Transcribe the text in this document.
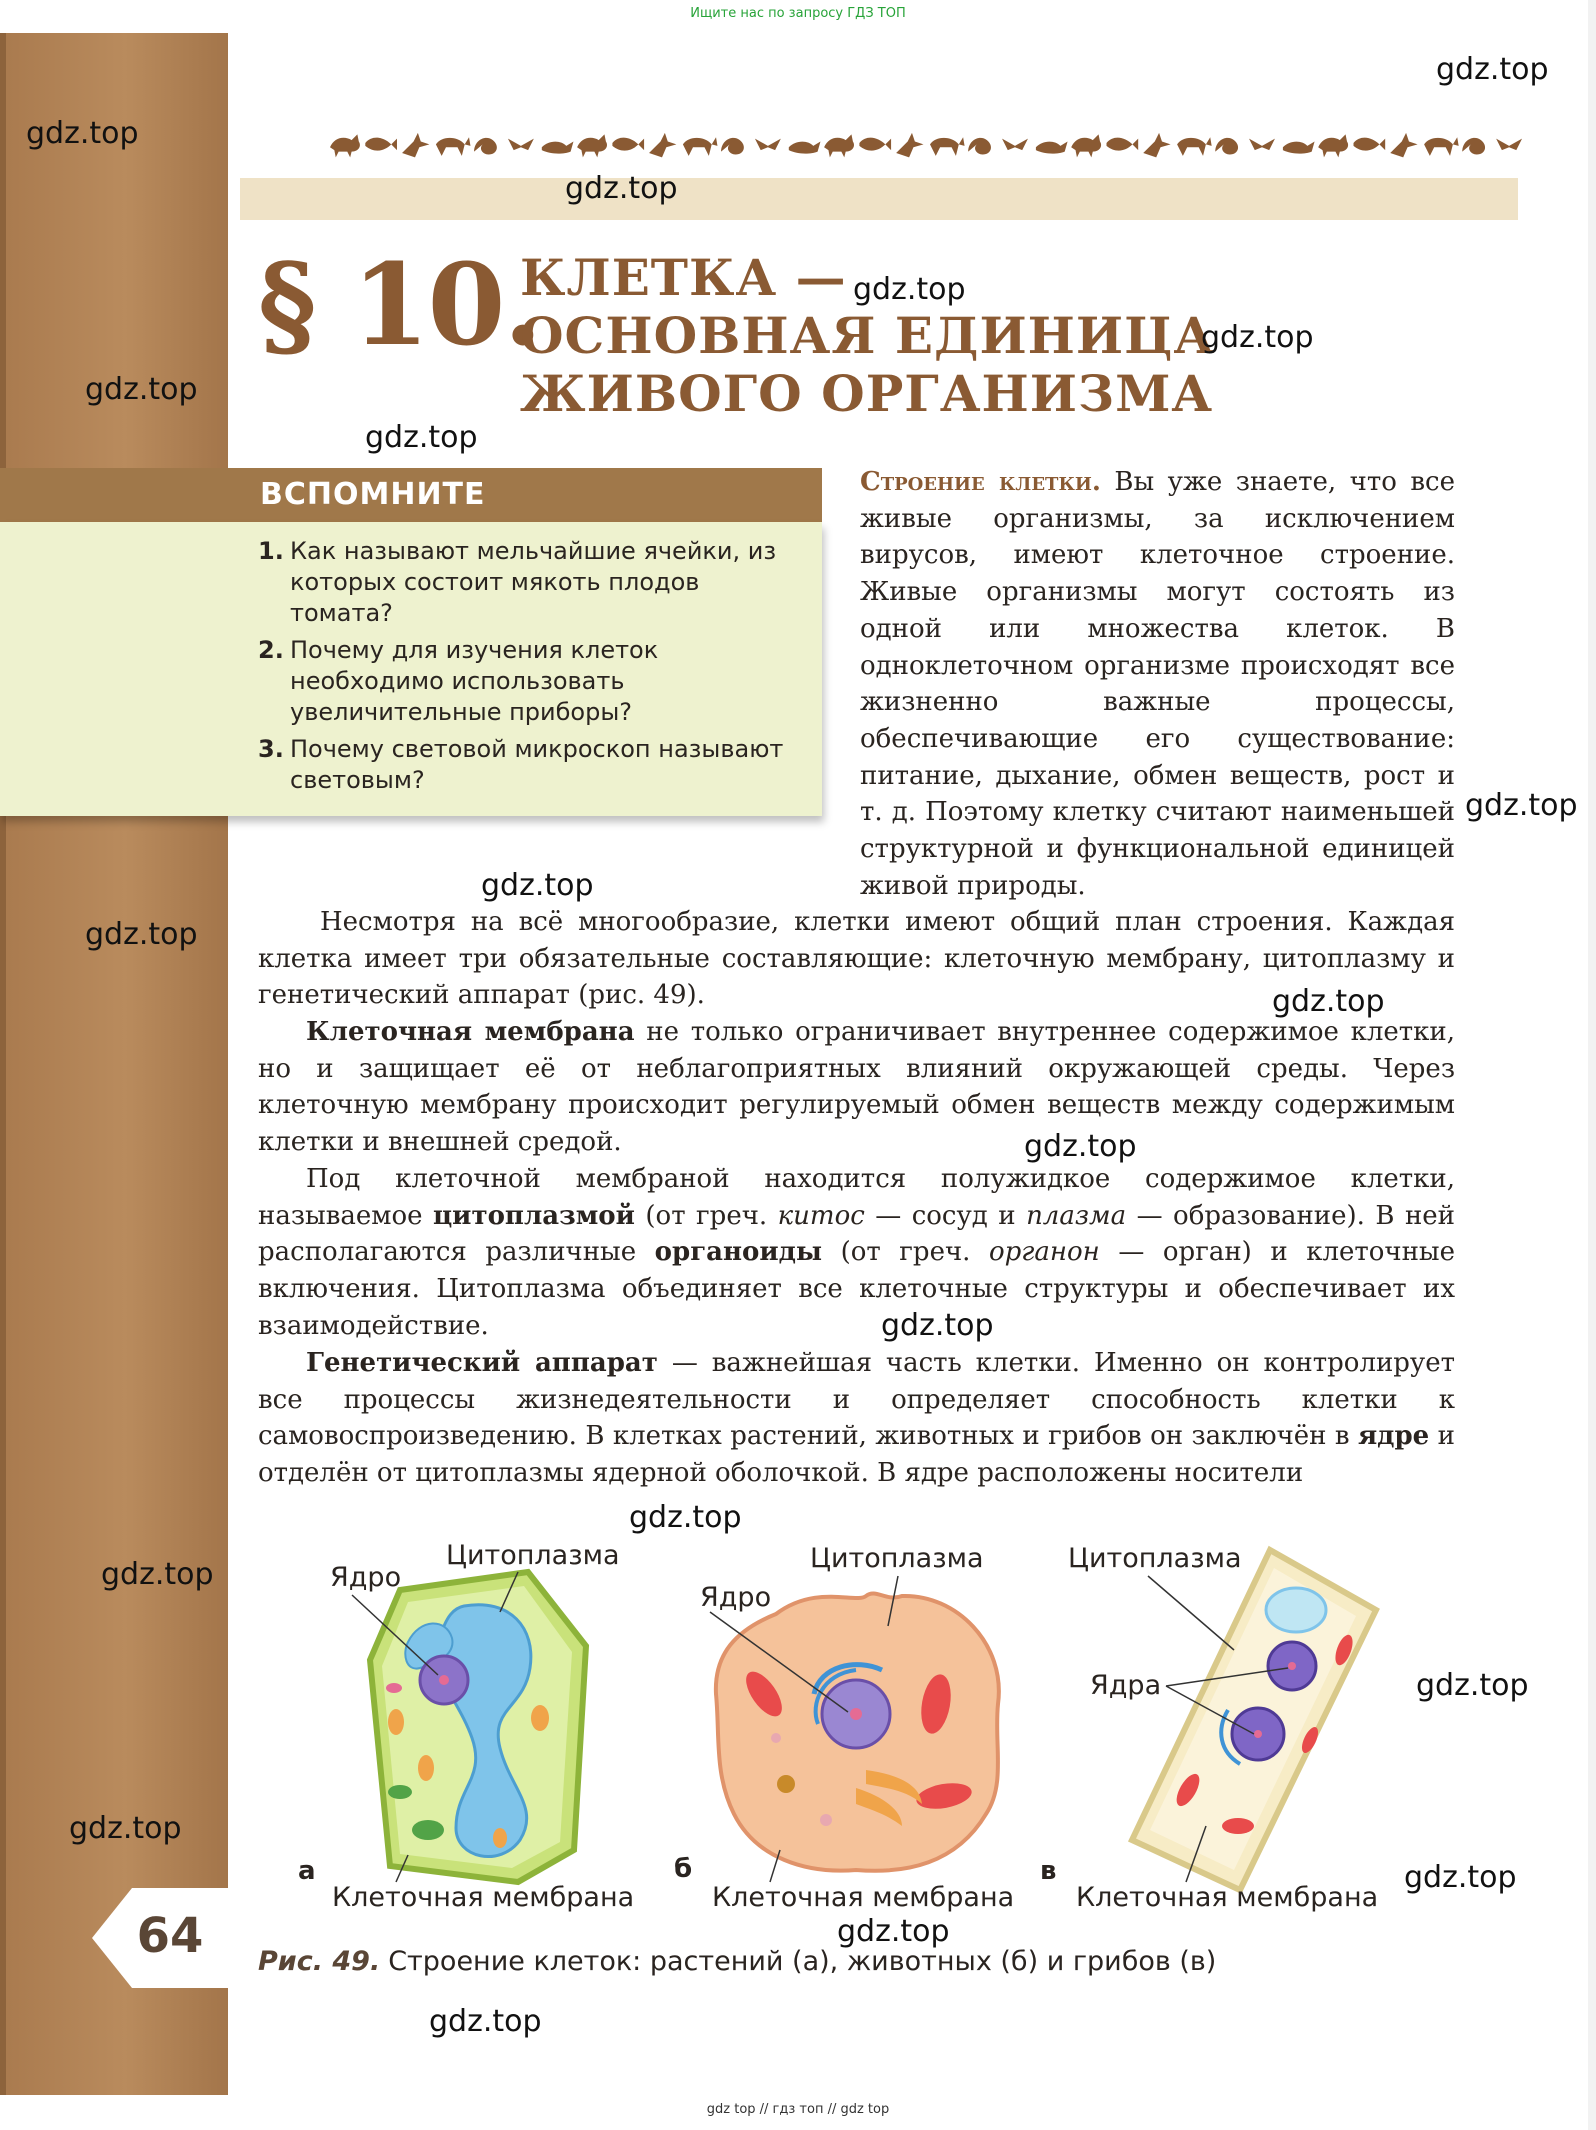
Ищите нас по запросу ГДЗ ТОП
64
§ 10.
КЛЕТКА —
ОСНОВНАЯ ЕДИНИЦА
ЖИВОГО ОРГАНИЗМА
ВСПОМНИТЕ
1. Как называют мельчайшие ячейки, из которых состоит мякоть плодов томата?
2. Почему для изучения клеток необходимо использовать увеличительные приборы?
3. Почему световой микроскоп называют световым?
Строение клетки. Вы уже знаете, что все живые организмы, за исключением вирусов, имеют клеточное строение. Живые организмы могут состоять из одной или множества клеток. В одноклеточном организме происходят все жизненно важные процессы, обеспечивающие его существование: питание, дыхание, обмен веществ, рост и т. д. Поэтому клетку считают наименьшей структурной и функциональной единицей живой природы.
Несмотря на всё многообразие, клетки имеют общий план строения. Каждая клетка имеет три обязательные составляющие: клеточную мембрану, цитоплазму и генетический аппарат (рис. 49).
Клеточная мембрана не только ограничивает внутреннее содержимое клетки, но и защищает её от неблагоприятных влияний окружающей среды. Через клеточную мембрану происходит регулируемый обмен веществ между содержимым клетки и внешней средой.
Под клеточной мембраной находится полужидкое содержимое клетки, называемое цитоплазмой (от греч. китос — сосуд и плазма — образование). В ней располагаются различные органоиды (от греч. органон — орган) и клеточные включения. Цитоплазма объединяет все клеточные структуры и обеспечивает их взаимодействие.
Генетический аппарат — важнейшая часть клетки. Именно он контролирует все процессы жизнедеятельности и определяет способность клетки к самовоспроизведению. В клетках растений, животных и грибов он заключён в ядре и отделён от цитоплазмы ядерной оболочкой. В ядре расположены носители
Ядро
Цитоплазма
а
Клеточная мембрана
Ядро
Цитоплазма
б
Клеточная мембрана
Цитоплазма
Ядра
в
Клеточная мембрана
Рис. 49. Строение клеток: растений (а), животных (б) и грибов (в)
gdz.top
gdz.top
gdz.top
gdz.top
gdz.top
gdz.top
gdz.top
gdz.top
gdz.top
gdz.top
gdz.top
gdz.top
gdz.top
gdz.top
gdz.top
gdz.top
gdz.top
gdz.top
gdz.top
gdz.top
gdz top // гдз топ // gdz top
